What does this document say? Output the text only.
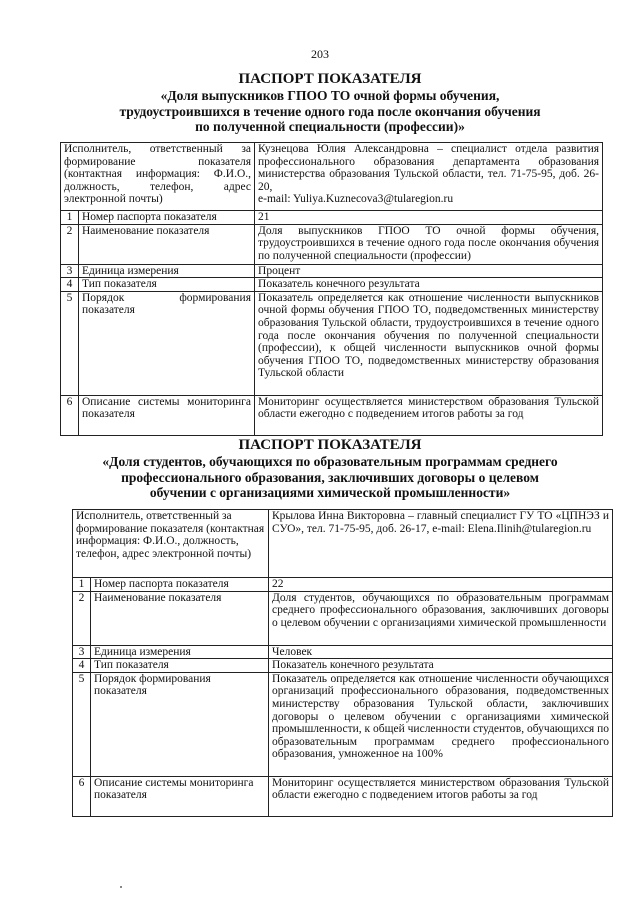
203
ПАСПОРТ ПОКАЗАТЕЛЯ
«Доля выпускников ГПОО ТО очной формы обучения,
трудоустроившихся в течение одного года после окончания обучения
по полученной специальности (профессии)»
Исполнитель, ответственный за формирование показателя (контактная информация: Ф.И.О., должность, телефон, адрес электронной почты)		Кузнецова Юлия Александровна – специалист отдела развития профессионального образования департамента образования министерства образования Тульской области, тел. 71-75-95, доб. 26-20,
e-mail: Yuliya.Kuznecova3@tularegion.ru
1	Номер паспорта показателя	21
2	Наименование показателя	Доля выпускников ГПОО ТО очной формы обучения, трудоустроившихся в течение одного года после окончания обучения по полученной специальности (профессии)
3	Единица измерения	Процент
4	Тип показателя	Показатель конечного результата
5	Порядок формирования показателя	Показатель определяется как отношение численности выпускников очной формы обучения ГПОО ТО, подведомственных министерству образования Тульской области, трудоустроившихся в течение одного года после окончания обучения по полученной специальности (профессии), к общей численности выпускников очной формы обучения ГПОО ТО, подведомственных министерству образования Тульской области
6	Описание системы мониторинга показателя	Мониторинг осуществляется министерством образования Тульской области ежегодно с подведением итогов работы за год
ПАСПОРТ ПОКАЗАТЕЛЯ
«Доля студентов, обучающихся по образовательным программам среднего
профессионального образования, заключивших договоры о целевом
обучении с организациями химической промышленности»
Исполнитель, ответственный за формирование показателя (контактная информация: Ф.И.О., должность, телефон, адрес электронной почты)		Крылова Инна Викторовна – главный специалист ГУ ТО «ЦПНЭЗ и СУО», тел. 71-75-95, доб. 26-17, e-mail: Elena.Ilinih@tularegion.ru
1	Номер паспорта показателя	22
2	Наименование показателя	Доля студентов, обучающихся по образовательным программам среднего профессионального образования, заключивших договоры о целевом обучении с организациями химической промышленности
3	Единица измерения	Человек
4	Тип показателя	Показатель конечного результата
5	Порядок формирования показателя	Показатель определяется как отношение численности обучающихся организаций профессионального образования, подведомственных министерству образования Тульской области, заключивших договоры о целевом обучении с организациями химической промышленности, к общей численности студентов, обучающихся по образовательным программам среднего профессионального образования, умноженное на 100%
6	Описание системы мониторинга показателя	Мониторинг осуществляется министерством образования Тульской области ежегодно с подведением итогов работы за год
